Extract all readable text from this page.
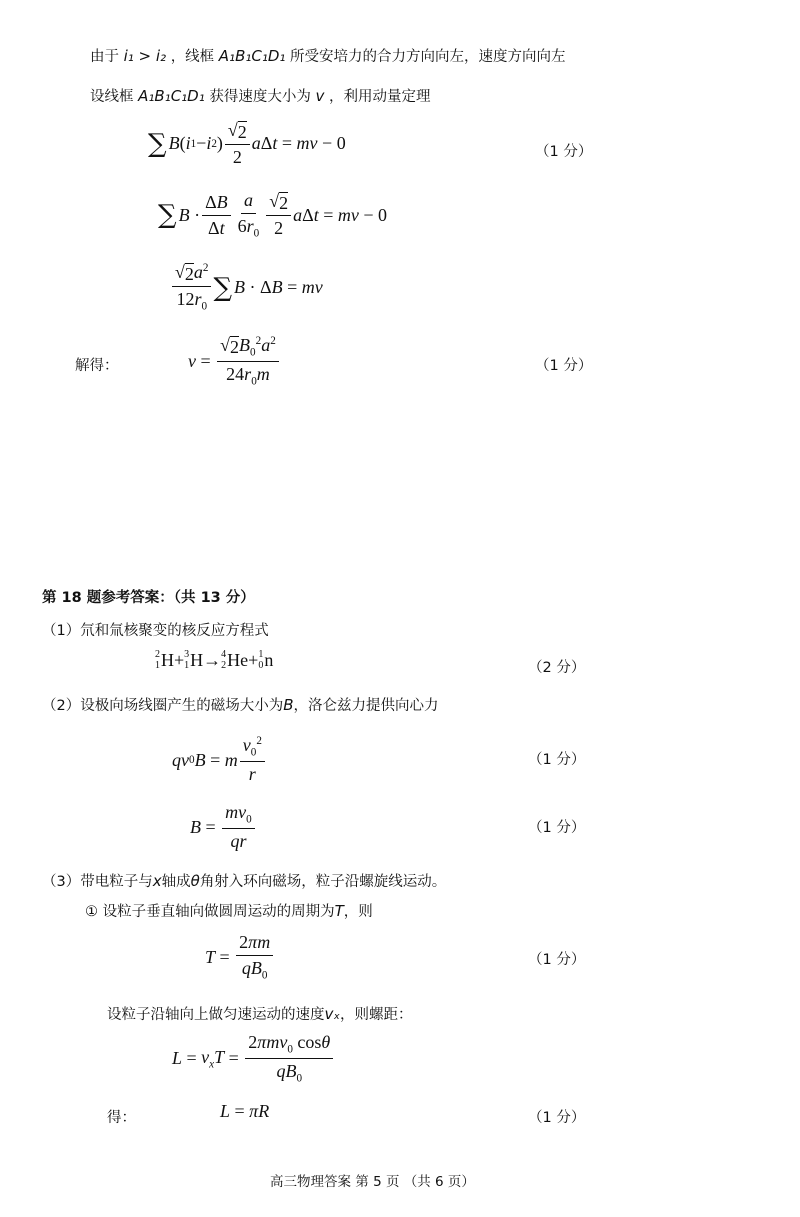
由于 i₁ > i₂ ，线框 A₁B₁C₁D₁ 所受安培力的合力方向向左，速度方向向左
设线框 A₁B₁C₁D₁ 获得速度大小为 v ，利用动量定理
∑ B ( i 1 − i 2 ) $\frac{√ 2}{2}$ a Δ t = mv − 0	（1 分）
∑ $B \cdot \frac{\Delta B}{\Delta t} \frac{a}{6r_0} \frac{√ 2}{2}$ a Δ t = mv − 0
$\frac{√ 2 a^2}{12r_0}$ ∑ B · Δ B = mv
解得：	$v = \frac{√ 2 B_0^2a^2}{24r_0m}$	（1 分）
第 18 题参考答案：（共 13 分）
（1）氘和氚核聚变的核反应方程式
2
1 H + 3
1 H → 4
2 He + 1
0 n	（2 分）
（2）设极向场线圈产生的磁场大小为B，洛仑兹力提供向心力
qv 0 B = m $\frac{v_0^2}{r}$	（1 分）
$B = \frac{mv_0}{qr}$	（1 分）
（3）带电粒子与x轴成θ角射入环向磁场，粒子沿螺旋线运动。
① 设粒子垂直轴向做圆周运动的周期为T，则
$T = \frac{2\pi m}{qB_0}$	（1 分）
设粒子沿轴向上做匀速运动的速度vₓ，则螺距：
$L = v_xT = \frac{2\pi mv_0 \cos\theta}{qB_0}$
得：	L = πR	（1 分）
高三物理答案 第 5 页 （共 6 页）
